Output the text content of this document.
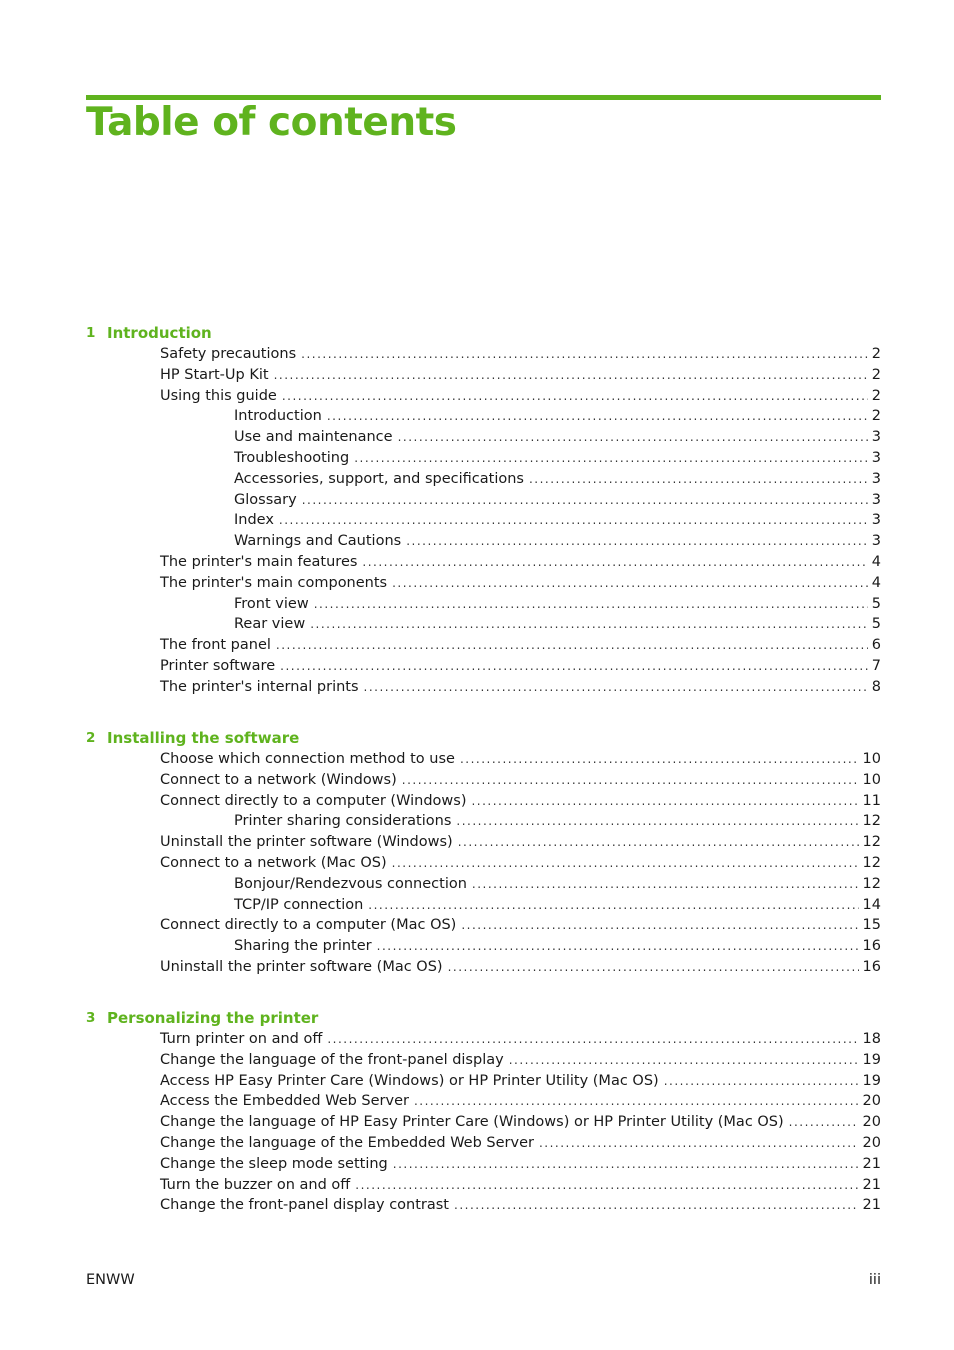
Table of contents
1 Introduction
Safety precautions .....	2
HP Start-Up Kit .....	2
Using this guide .....	2
Introduction .....	2
Use and maintenance .....	3
Troubleshooting .....	3
Accessories, support, and specifications .....	3
Glossary .....	3
Index .....	3
Warnings and Cautions .....	3
The printer's main features .....	4
The printer's main components .....	4
Front view .....	5
Rear view .....	5
The front panel .....	6
Printer software .....	7
The printer's internal prints .....	8
2 Installing the software
Choose which connection method to use .....	10
Connect to a network (Windows) .....	10
Connect directly to a computer (Windows) .....	11
Printer sharing considerations .....	12
Uninstall the printer software (Windows) .....	12
Connect to a network (Mac OS) .....	12
Bonjour/Rendezvous connection .....	12
TCP/IP connection .....	14
Connect directly to a computer (Mac OS) .....	15
Sharing the printer .....	16
Uninstall the printer software (Mac OS) .....	16
3 Personalizing the printer
Turn printer on and off .....	18
Change the language of the front-panel display .....	19
Access HP Easy Printer Care (Windows) or HP Printer Utility (Mac OS) .....	19
Access the Embedded Web Server .....	20
Change the language of HP Easy Printer Care (Windows) or HP Printer Utility (Mac OS) .....	20
Change the language of the Embedded Web Server .....	20
Change the sleep mode setting .....	21
Turn the buzzer on and off .....	21
Change the front-panel display contrast .....	21
ENWW	iii
